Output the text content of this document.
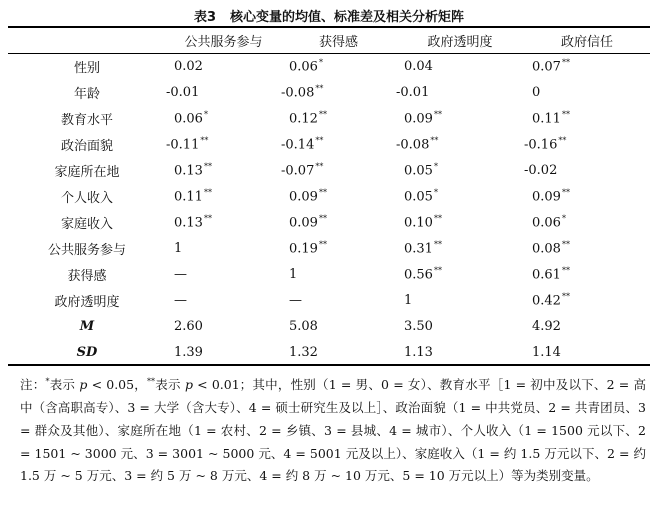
表3 核心变量的均值、标准差及相关分析矩阵
	公共服务参与	获得感	政府透明度	政府信任
性别	0.02	0.06*	0.04	0.07**
年龄	-0.01	-0.08**	-0.01	0
教育水平	0.06*	0.12**	0.09**	0.11**
政治面貌	-0.11**	-0.14**	-0.08**	-0.16**
家庭所在地	0.13**	-0.07**	0.05*	-0.02
个人收入	0.11**	0.09**	0.05*	0.09**
家庭收入	0.13**	0.09**	0.10**	0.06*
公共服务参与	1	0.19**	0.31**	0.08**
获得感	—	1	0.56**	0.61**
政府透明度	—	—	1	0.42**
M	2.60	5.08	3.50	4.92
SD	1.39	1.32	1.13	1.14
注：*表示 p < 0.05，**表示 p < 0.01；其中，性别（1 = 男、0 = 女）、教育水平［1 = 初中及以下、2 = 高中（含高职高专）、3 = 大学（含大专）、4 = 硕士研究生及以上］、政治面貌（1 = 中共党员、2 = 共青团员、3 = 群众及其他）、家庭所在地（1 = 农村、2 = 乡镇、3 = 县城、4 = 城市）、个人收入（1 = 1500 元以下、2 = 1501 ~ 3000 元、3 = 3001 ~ 5000 元、4 = 5001 元及以上）、家庭收入（1 = 约 1.5 万元以下、2 = 约 1.5 万 ~ 5 万元、3 = 约 5 万 ~ 8 万元、4 = 约 8 万 ~ 10 万元、5 = 10 万元以上）等为类别变量。
